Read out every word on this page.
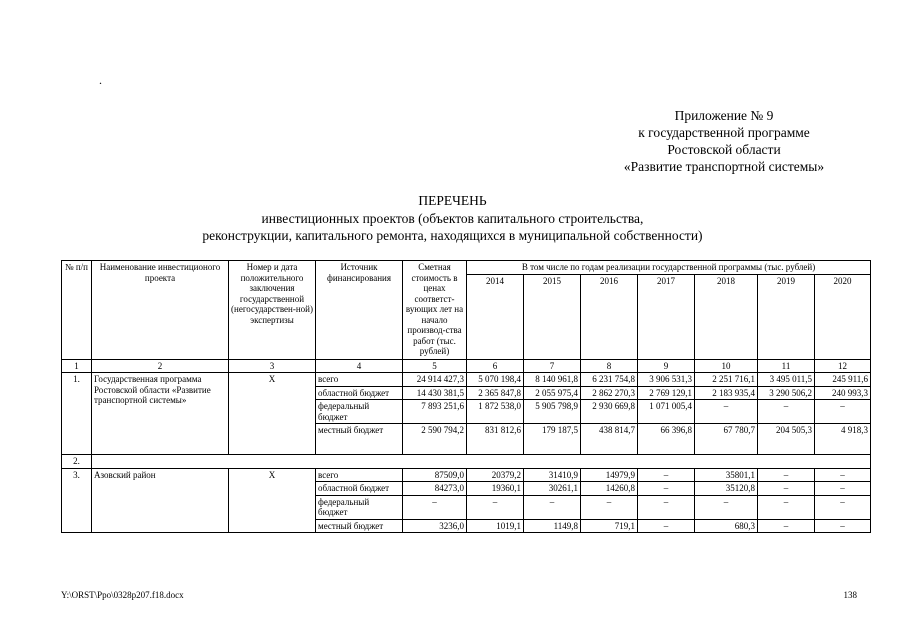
.
Приложение № 9
к государственной программе
Ростовской области
«Развитие транспортной системы»
ПЕРЕЧЕНЬ
инвестиционных проектов (объектов капитального строительства,
реконструкции, капитального ремонта, находящихся в муниципальной собственности)
№ п/п	Наименование инвестиционого проекта	Номер и дата положительного заключения государственной (негосударствен-ной) экспертизы	Источник финансирования	Сметная стоимость в ценах соответст-вующих лет на начало производ-ства работ (тыс. рублей)	В том числе по годам реализации государственной программы (тыс. рублей)						
					2014	2015	2016	2017	2018	2019	2020
1	2	3	4	5	6	7	8	9	10	11	12
1.	Государственная программа Ростовской области «Развитие транспортной системы»	Х	всего	24 914 427,3	5 070 198,4	8 140 961,8	6 231 754,8	3 906 531,3	2 251 716,1	3 495 011,5	245 911,6
			областной бюджет	14 430 381,5	2 365 847,8	2 055 975,4	2 862 270,3	2 769 129,1	2 183 935,4	3 290 506,2	240 993,3
			федеральный бюджет	7 893 251,6	1 872 538,0	5 905 798,9	2 930 669,8	1 071 005,4	–	–	–
			местный бюджет	2 590 794,2	831 812,6	179 187,5	438 814,7	66 396,8	67 780,7	204 505,3	4 918,3
2.											
3.	Азовский район	Х	всего	87509,0	20379,2	31410,9	14979,9	–	35801,1	–	–
			областной бюджет	84273,0	19360,1	30261,1	14260,8	–	35120,8	–	–
			федеральный бюджет	–	–	–	–	–	–	–	–
			местный бюджет	3236,0	1019,1	1149,8	719,1	–	680,3	–	–
Y:\ORST\Ppo\0328p207.f18.docx	138
